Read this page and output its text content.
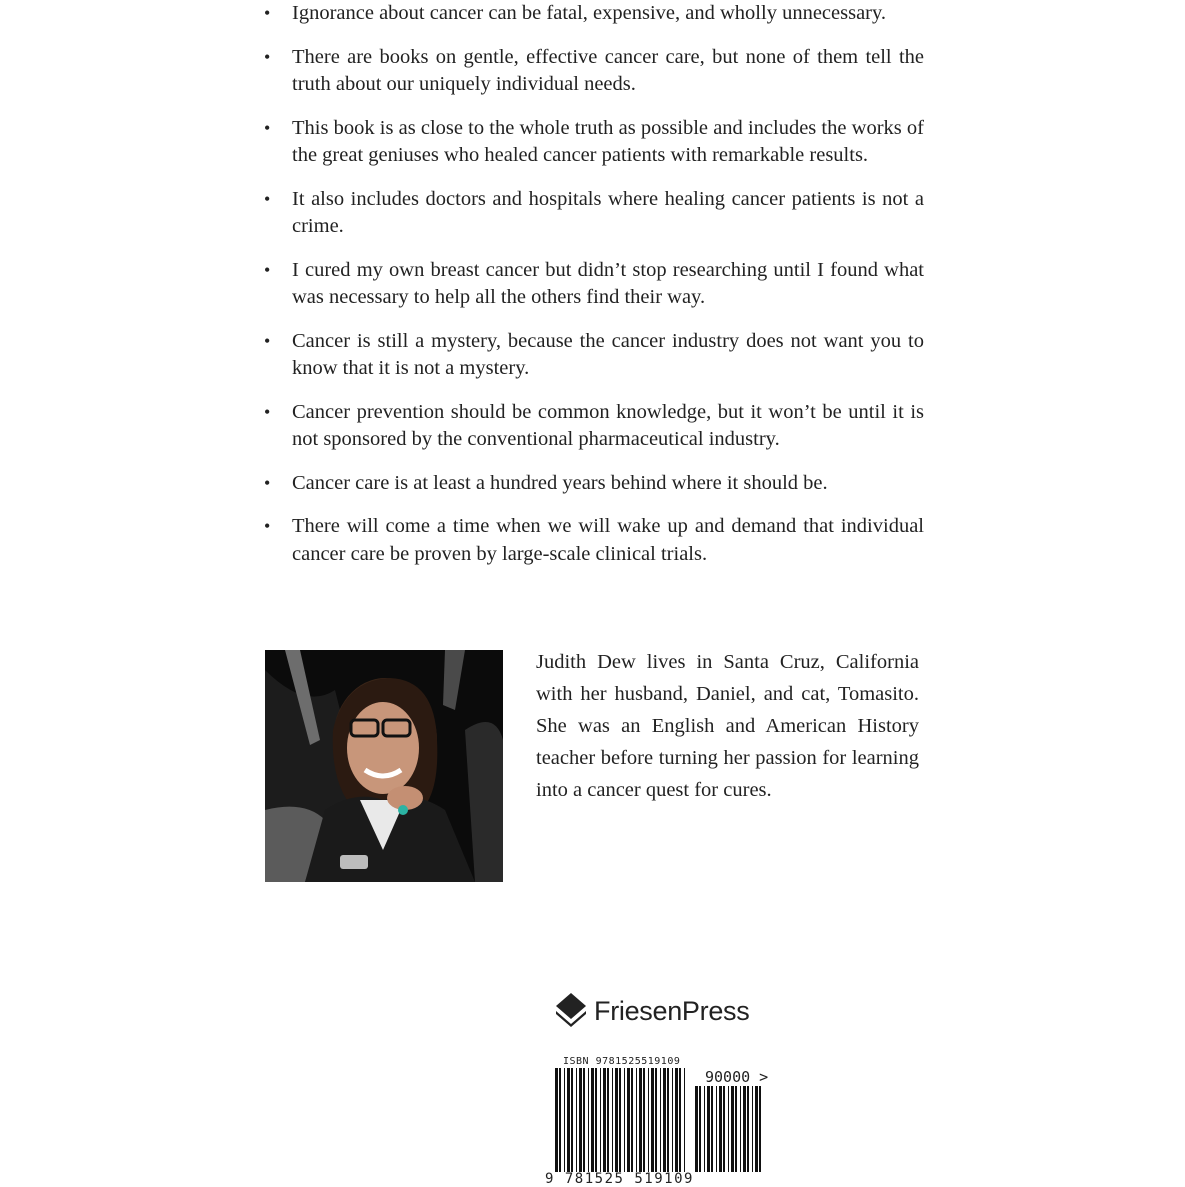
• Ignorance about cancer can be fatal, expensive, and wholly unnecessary.
• There are books on gentle, effective cancer care, but none of them tell the truth about our uniquely individual needs.
• This book is as close to the whole truth as possible and includes the works of the great geniuses who healed cancer patients with remarkable results.
• It also includes doctors and hospitals where healing cancer patients is not a crime.
• I cured my own breast cancer but didn’t stop researching until I found what was necessary to help all the others find their way.
• Cancer is still a mystery, because the cancer industry does not want you to know that it is not a mystery.
• Cancer prevention should be common knowledge, but it won’t be until it is not sponsored by the conventional pharmaceutical industry.
• Cancer care is at least a hundred years behind where it should be.
• There will come a time when we will wake up and demand that individual cancer care be proven by large-scale clinical trials.

Judith Dew lives in Santa Cruz, California with her husband, Daniel, and cat, Tomasito. She was an English and American History teacher before turning her passion for learning into a cancer quest for cures.

FriesenPress
ISBN 9781525519109
90000 >
9 781525 519109
